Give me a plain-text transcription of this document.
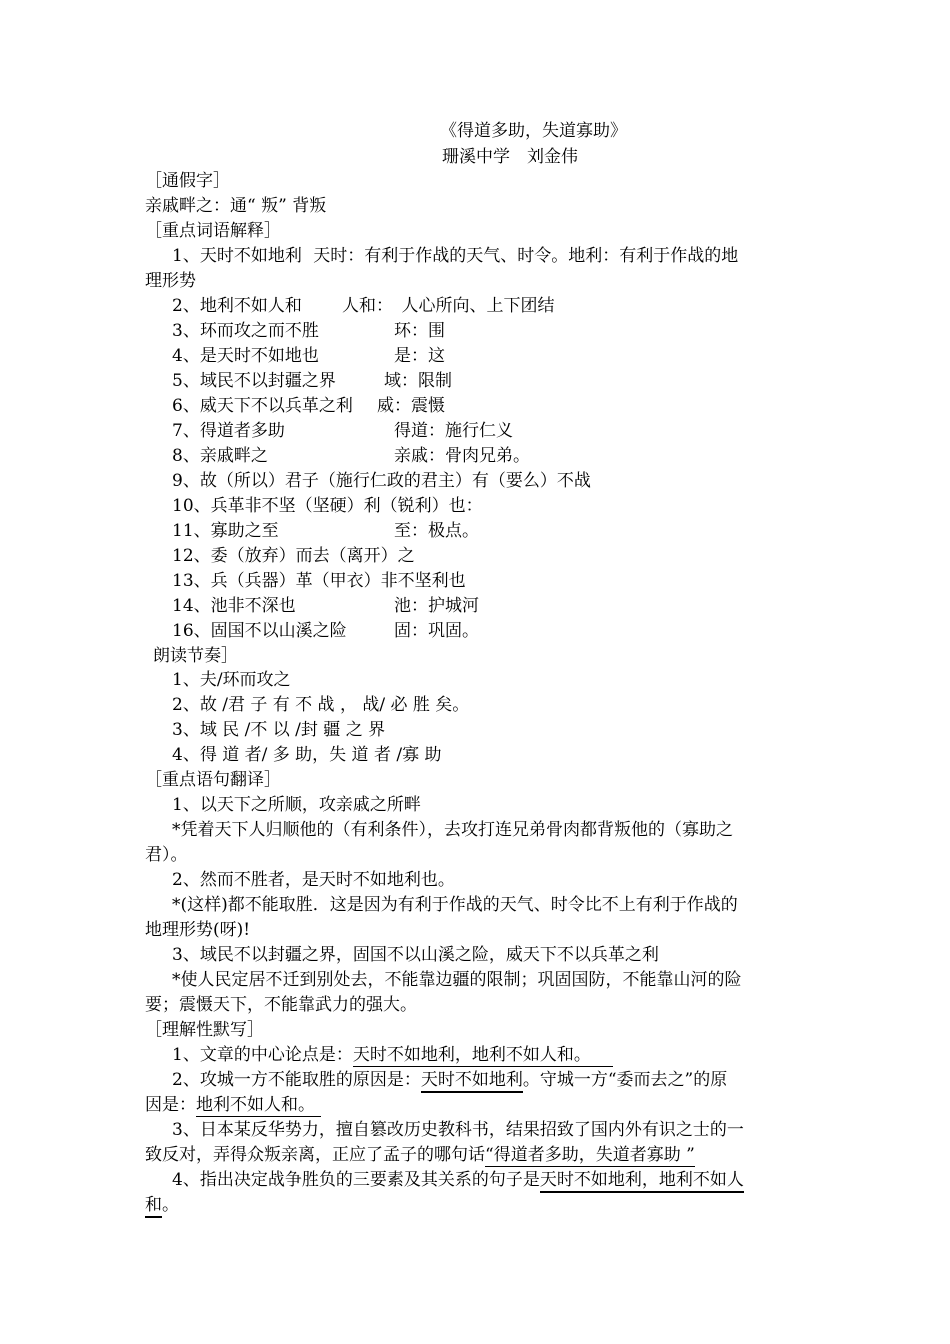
《得道多助，失道寡助》
珊溪中学　刘金伟
［通假字］
亲戚畔之：通“ 叛” 背叛
［重点词语解释］
1、天时不如地利 天时：有利于作战的天气、时令。地利：有利于作战的地
理形势
2、地利不如人和 人和：　人心所向、上下团结
3、环而攻之而不胜	环：围
4、是天时不如地也	是：这
5、域民不以封疆之界	域：限制
6、威天下不以兵革之利 威：震慑
7、得道者多助	得道：施行仁义
8、亲戚畔之	亲戚：骨肉兄弟。
9、故（所以）君子（施行仁政的君主）有（要么）不战
10、兵革非不坚（坚硬）利（锐利）也：
11、寡助之至	至：极点。
12、委（放弃）而去（离开）之
13、兵（兵器）革（甲衣）非不坚利也
14、池非不深也	池：护城河
16、固国不以山溪之险	固：巩固。
朗读节奏］
1、夫/环而攻之
2、故 /君 子 有 不 战 ， 战/ 必 胜 矣。
3、域 民 /不 以 /封 疆 之 界
4、得 道 者/ 多 助，失 道 者 /寡 助
［重点语句翻译］
1、以天下之所顺，攻亲戚之所畔
*凭着天下人归顺他的（有利条件），去攻打连兄弟骨肉都背叛他的（寡助之
君）。
2、然而不胜者，是天时不如地利也。
*(这样)都不能取胜．这是因为有利于作战的天气、时令比不上有利于作战的
地理形势(呀)!
3、域民不以封疆之界，固国不以山溪之险，威天下不以兵革之利
*使人民定居不迁到别处去，不能靠边疆的限制；巩固国防，不能靠山河的险
要；震慑天下，不能靠武力的强大。
［理解性默写］
1、文章的中心论点是：天时不如地利，地利不如人和。
2、攻城一方不能取胜的原因是：天时不如地利。守城一方“委而去之”的原
因是：地利不如人和。
3、日本某反华势力，擅自篡改历史教科书，结果招致了国内外有识之士的一
致反对，弄得众叛亲离，正应了孟子的哪句话“得道者多助，失道者寡助 ”
4、指出决定战争胜负的三要素及其关系的句子是天时不如地利，地利不如人
和。
